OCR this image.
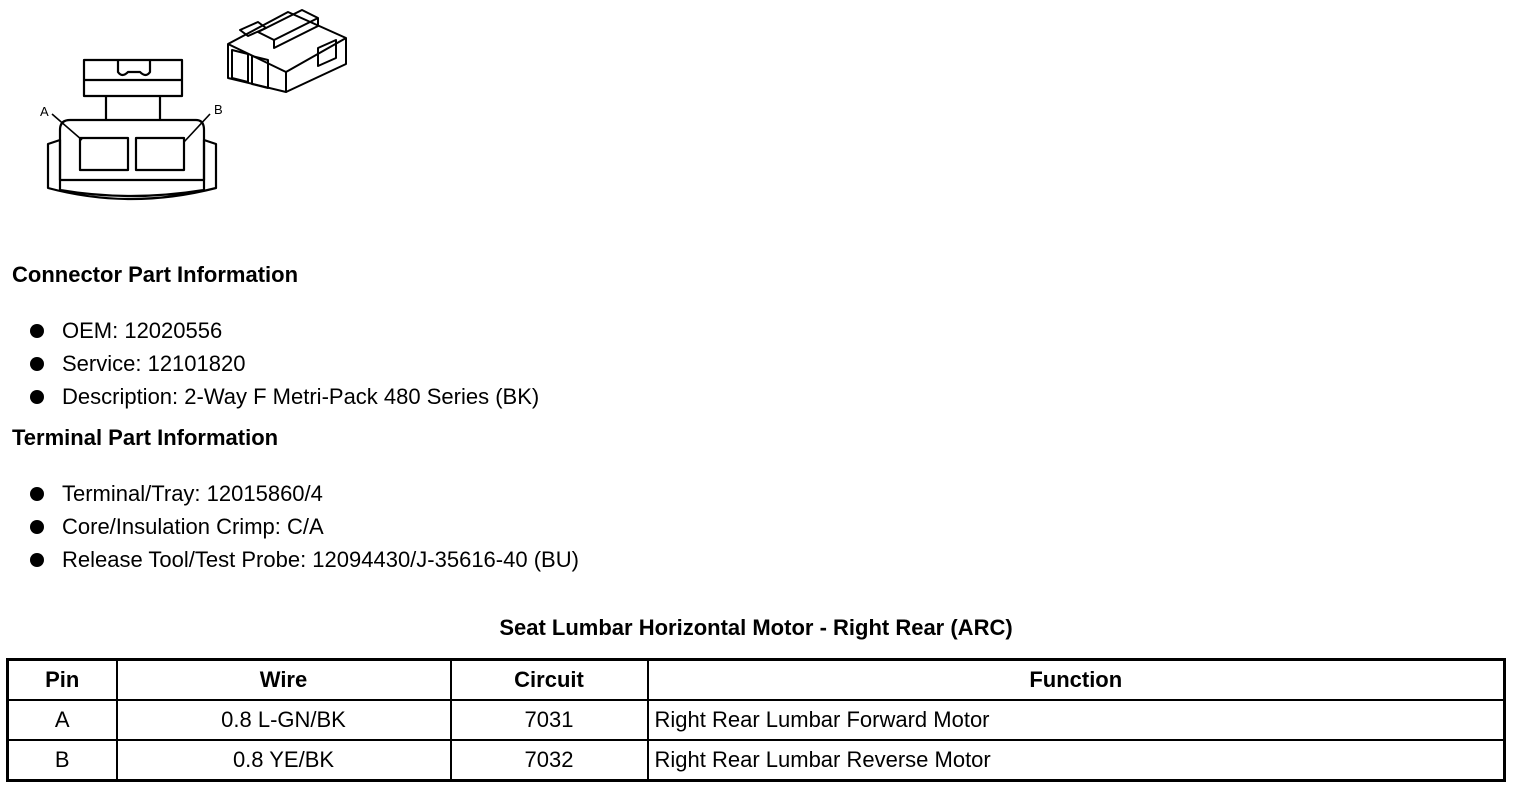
A	B
Connector Part Information
OEM: 12020556
Service: 12101820
Description: 2-Way F Metri-Pack 480 Series (BK)
Terminal Part Information
Terminal/Tray: 12015860/4
Core/Insulation Crimp: C/A
Release Tool/Test Probe: 12094430/J-35616-40 (BU)
Seat Lumbar Horizontal Motor - Right Rear (ARC)
Pin	Wire	Circuit	Function
A	0.8 L-GN/BK	7031	Right Rear Lumbar Forward Motor
B	0.8 YE/BK	7032	Right Rear Lumbar Reverse Motor
